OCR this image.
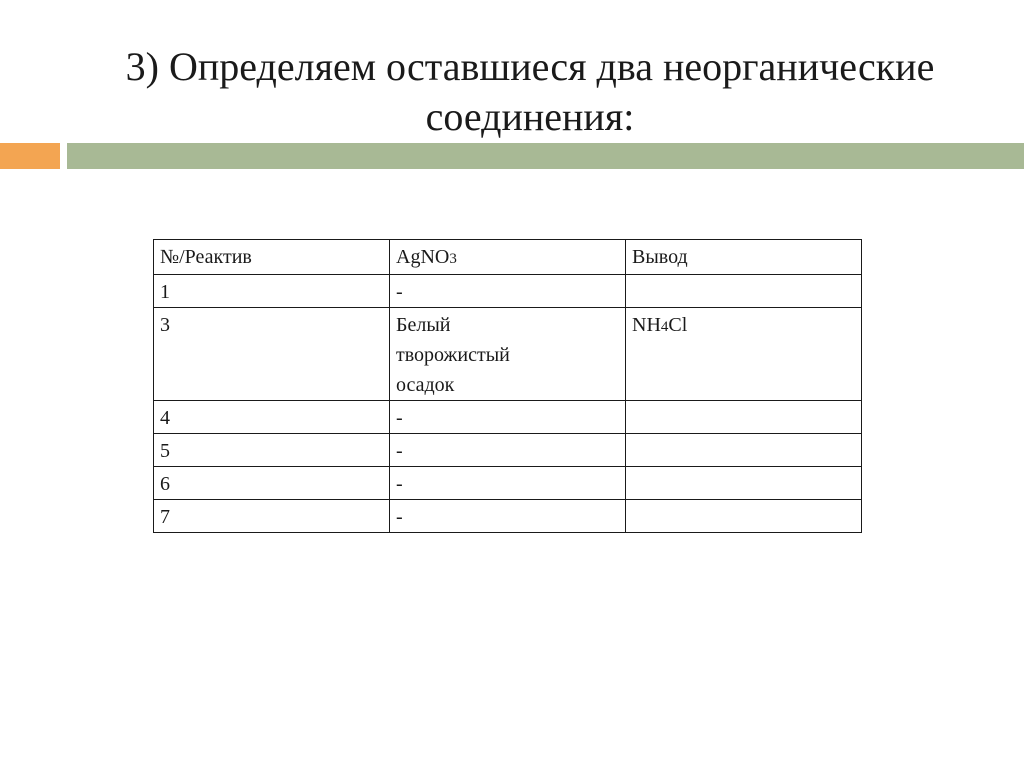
3) Определяем оставшиеся два неорганические соединения:
№/Реактив	AgNO3	Вывод
1	-	
3	Белый творожистый осадок	NH4Cl
4	-	
5	-	
6	-	
7	-	
